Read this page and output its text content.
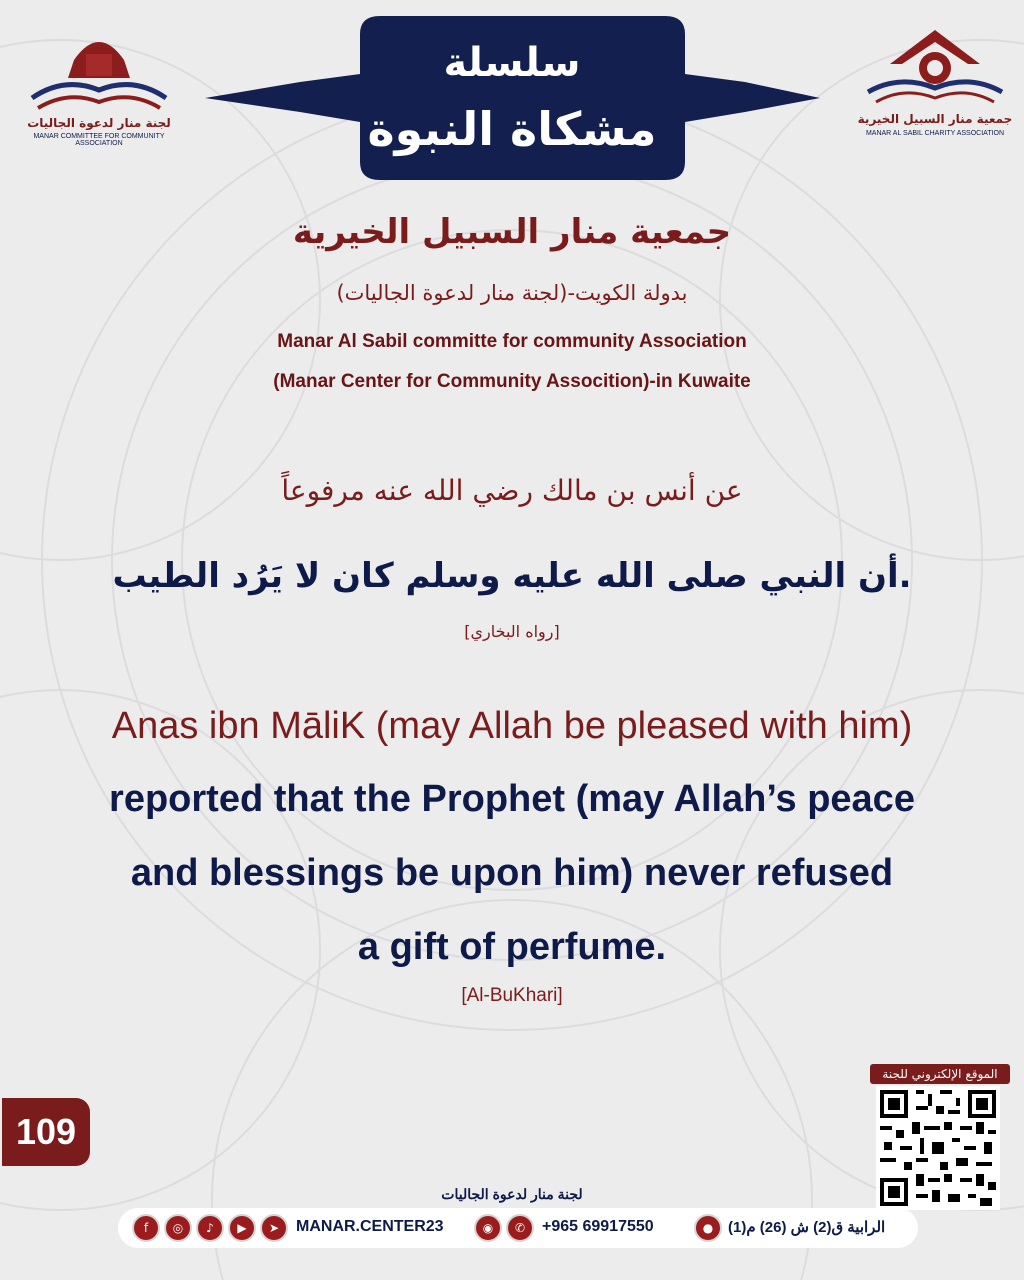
سلسلة
مشكاة النبوة
لجنة منار لدعوة الجاليات
MANAR COMMITTEE FOR COMMUNITY ASSOCIATION
جمعية منار السبيل الخيرية
MANAR AL SABIL CHARITY ASSOCIATION
جمعية منار السبيل الخيرية
(لجنة منار لدعوة الجاليات)-بدولة الكويت
Manar Al Sabil committe for community Association
(Manar Center for Community Assocition)-in Kuwaite
عن أنس بن مالك رضي الله عنه مرفوعاً
أن النبي صلى الله عليه وسلم كان لا يَرُد الطيب.
[رواه البخاري]
Anas ibn MāliK (may Allah be pleased with him)
reported that the Prophet (may Allah’s peace
and blessings be upon him) never refused
a gift of perfume.
[Al-BuKhari]
109
الموقع الإلكتروني للجنة
لجنة منار لدعوة الجاليات
f	◎	♪	▶	➤	MANAR.CENTER23	◉	✆	+965 69917550	● الرابية ق(2) ش (26) م(1)
